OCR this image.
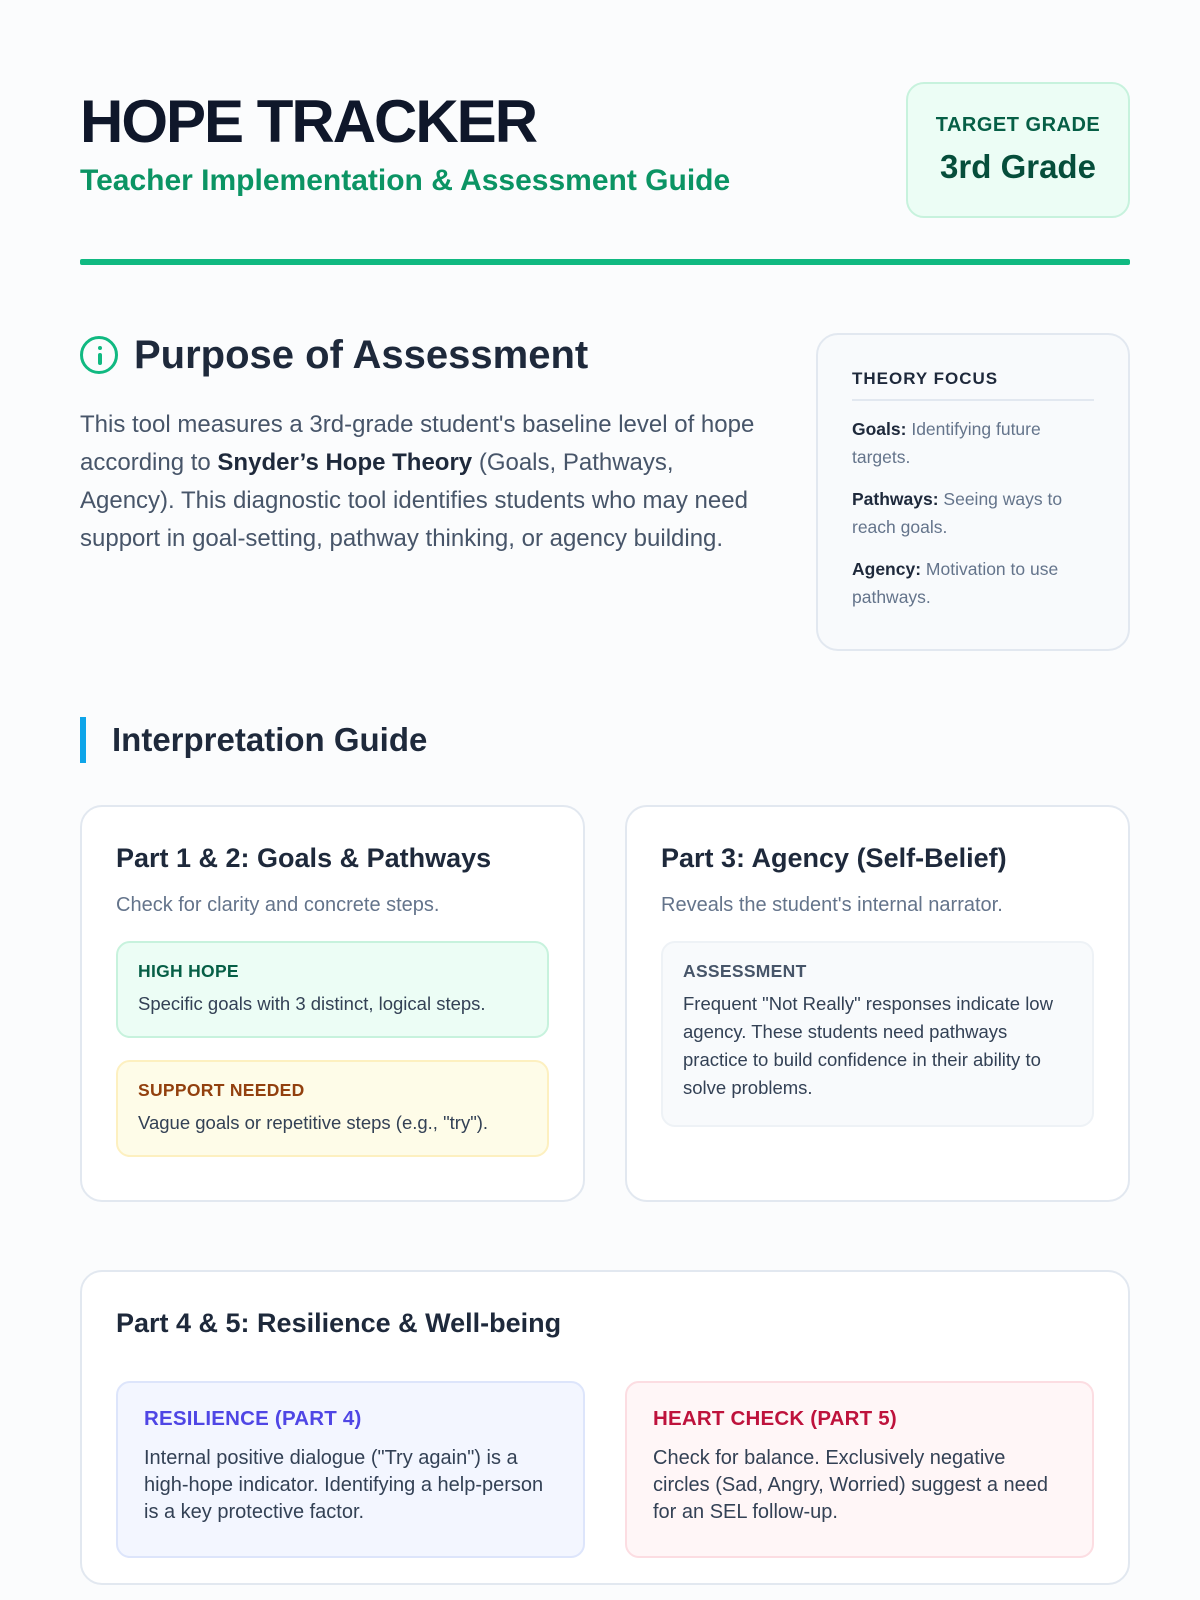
HOPE TRACKER
Teacher Implementation & Assessment Guide
TARGET GRADE
3rd Grade
Purpose of Assessment

This tool measures a 3rd-grade student's baseline level of hope according to Snyder’s Hope Theory (Goals, Pathways, Agency). This diagnostic tool identifies students who may need support in goal-setting, pathway thinking, or agency building.

THEORY FOCUS
Goals: Identifying future targets.
Pathways: Seeing ways to reach goals.
Agency: Motivation to use pathways.
Interpretation Guide
Part 1 & 2: Goals & Pathways
Check for clarity and concrete steps.
HIGH HOPE
Specific goals with 3 distinct, logical steps.
SUPPORT NEEDED
Vague goals or repetitive steps (e.g., "try").
Part 3: Agency (Self-Belief)
Reveals the student's internal narrator.
ASSESSMENT
Frequent "Not Really" responses indicate low agency. These students need pathways practice to build confidence in their ability to solve problems.
Part 4 & 5: Resilience & Well-being
RESILIENCE (PART 4)
Internal positive dialogue ("Try again") is a high-hope indicator. Identifying a help-person is a key protective factor.
HEART CHECK (PART 5)
Check for balance. Exclusively negative circles (Sad, Angry, Worried) suggest a need for an SEL follow-up.
